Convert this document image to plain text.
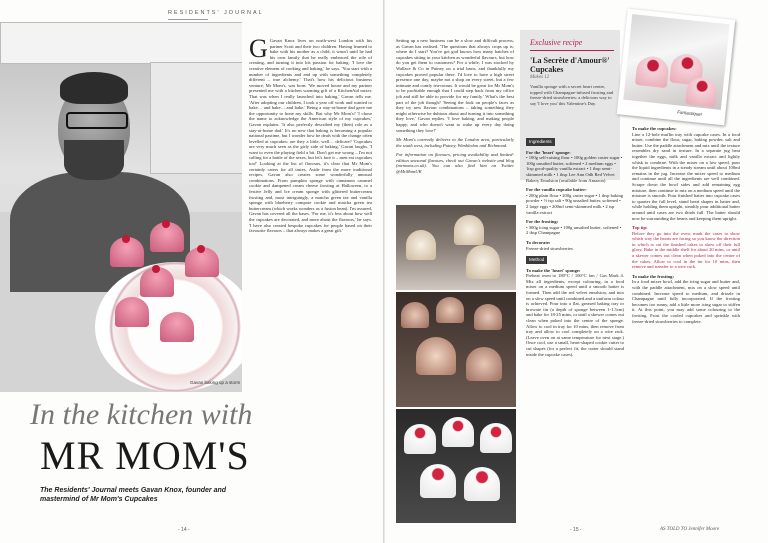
RESIDENTS' JOURNAL
Gavan baking up a storm
In the kitchen with
MR MOM'S
The Residents' Journal meets Gavan Knox, founder and mastermind of Mr Mom's Cupcakes
- 14 -
G Gavan Knox lives on north-west London with his partner Scott and their two children. Having learned to bake with his mother as a child, it wasn't until he had his own family that he really embraced the role of creating, and turning it into his passion for baking. 'I love the creative element of cooking and baking,' he says. 'You start with a number of ingredients and end up with something completely different – true alchemy.' That's how his delicious business venture, Mr Mom's, was born. 'We moved house and my partner presented me with a kitchen warming gift of a KitchenAid mixer. That was when I really launched into baking,' Gavan tells me. 'After adopting our children, I took a year off work and wanted to bake… and bake… and bake.' Being a stay-at-home dad gave me the opportunity to hone my skills. But why Mr Mom's? 'I chose the name to acknowledge the American style of my cupcakes,' Gavan explains. 'It also perfectly described my (then) role as a stay-at-home dad.' It's no new that baking is becoming a popular national pastime, but I wonder how he deals with the change often levelled at cupcakes: are they a little, well… delicate? 'Cupcakes are very much seen as the girly side of baking,' Gavan laughs. 'I want to even the playing field a bit. Don't get me wrong – I'm not calling for a battle of the sexes, but let's face it – men eat cupcakes too!' Looking at the list of flavours, it's clear that Mr Mom's certainly caters for all tastes. Aside from the more traditional recipes, Gavan also creates some wonderfully unusual combinations. From pumpkin sponge with cinnamon caramel cookie and dampened cream cheese frosting at Halloween, to a festive Jelly and Ice cream sponge with glittered buttercream frosting and, most intriguingly, a matcha green tea and vanilla sponge with blueberry compote cookie and matcha green tea buttercream (which works wonders as a fusion bean). I'm assured, Gavan has covered all the bases. 'For me, it's less about how well the cupcakes are decorated, and more about the flavours,' he says. 'I have also created bespoke cupcakes for people based on their favourite flavours – that always makes a great gift.'

Setting up a new business can be a slow and difficult process, as Gavan has realised. 'The questions that always crops up is: where do I start? You've got god knows how many batches of cupcakes sitting in your kitchen as wonderful flavours, but how do you get them to customers? For a while, I was stocked by Wallace & Co in Putney on a trial basis, and thankfully my cupcakes proved popular there. I'd love to have a high street presence one day, maybe not a shop on every street, but a few intimate and comfy tea-rooms. It would be great for Mr Mom's to be profitable enough that I could step back from my office job and still be able to provide for my family.' What's the best part of the job though? 'Seeing the look on people's faces as they try new flavour combinations – taking something they might otherwise be dubious about and turning it into something they love,' Gavan replies. 'I love baking, and making people happy, and who doesn't want to wake up every day doing something they love?'

Mr Mom's currently delivers to the London area, particularly the south west, including Putney, Wimbledon and Richmond.

For information on flavours, pricing availability and limited-edition seasonal flavours, check out Gavan's website and blog (mrmoms.co.uk). You can also find him on Twitter @MrMomUK

Exclusive recipe
'La Secrète d'Amour®' Cupcakes
Makes 12
Vanilla sponge with a secret heart centre, topped with Champagne-infused frosting and freeze-dried strawberries: a delicious way to say 'I love you' this Valentine's Day.
Ingredients
For the 'heart' sponge:
• 100g self-raising flour • 100g golden caster sugar • 100g unsalted butter, softened • 2 medium eggs • 1tsp good-quality vanilla extract • 1 tbsp semi-skimmed milk • 1 tbsp Lee Ann Odh Red Velvet Bakery Emulsion (available from Amazon)
For the vanilla cupcake batter:
• 200g plain flour • 200g caster sugar • 1 tbsp baking powder • ½ tsp salt • 90g unsalted butter, softened • 2 large eggs • 200ml semi-skimmed milk • 2 tsp vanilla extract
For the frosting:
• 300g icing sugar • 100g unsalted butter, softened • 2 tbsp Champagne
To decorate:
Freeze-dried strawberries
Method
To make the 'heart' sponge:
Preheat oven to 180°C / 160°C fan / Gas Mark 4. Mix all ingredients, except colouring, in a food mixer on a medium speed until a smooth batter is formed. Then add the red velvet emulsion, and mix on a slow speed until combined and a uniform colour is achieved. Pour into a flat, greased baking tray or brownie tin (a depth of sponge between 1-1.5cm) and bake for 18-25 mins, or until a skewer comes out clean when poked into the centre of the sponge. Allow to cool in tray for 10 mins, then remove from tray and allow to cool completely on a wire rack. (Leave oven on at same temperature for next stage.) Once cool, use a small, heart-shaped cookie cutter to cut shapes (for a perfect fit, the cutter should stand inside the cupcake cases).
Fantastique!
To make the cupcakes:
Line a 12-hole muffin tray with cupcake cases. In a food mixer, combine the flour, sugar, baking powder, salt and butter. Use the paddle attachment and mix until the texture resembles dry sand in texture. In a separate jug beat together the eggs, milk and vanilla extract and lightly whisk to combine. With the mixer on a low speed, pour the liquid ingredients in a steady stream until about 100ml remains in the jug. Increase the mixer speed to medium and continue until all the ingredients are well combined. Scrape down the bowl sides and add remaining egg mixture, then continue to mix on a medium speed until the mixture is smooth. Pour finished batter into cupcake cases to quarter the full level, stand heart shapes in batter and, while holding them upright, steadily pour additional batter around until cases are two thirds full. The batter should now be surrounding the hearts and keeping them upright.
Top tip:
Before they go into the oven, mark the cases to show which way the hearts are facing so you know the direction in which to cut the finished cakes to show off their full glory. Bake in the middle shelf for about 20 mins, or until a skewer comes out clean when poked into the centre of the cakes. Allow to cool in the tin for 10 mins, then remove and transfer to a wire rack.
To make the frosting:
In a food mixer bowl, add the icing sugar and butter and, with the paddle attachment, mix on a slow speed until combined. Increase speed to medium, and drizzle in Champagne until fully incorporated. If the frosting becomes too runny, add a little more icing sugar to stiffen it. At this point, you may add some colouring to the frosting. Frost the cooled cupcakes and sprinkle with freeze-dried strawberries to complete.
- 15 -	AS TOLD TO Jennifer Moore
